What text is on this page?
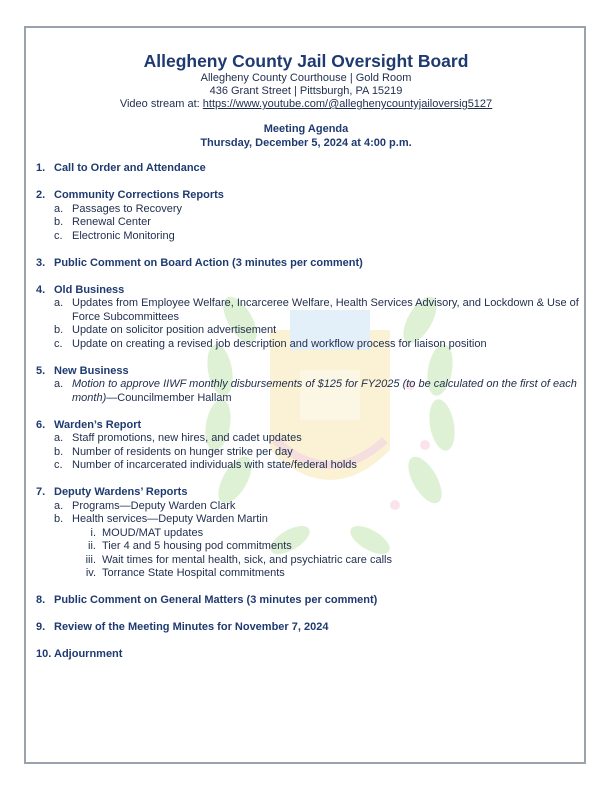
Allegheny County Jail Oversight Board
Allegheny County Courthouse | Gold Room
436 Grant Street | Pittsburgh, PA 15219
Video stream at: https://www.youtube.com/@alleghenycountyjailoversig5127
Meeting Agenda
Thursday, December 5, 2024 at 4:00 p.m.
1. Call to Order and Attendance
2. Community Corrections Reports
a. Passages to Recovery
b. Renewal Center
c. Electronic Monitoring
3. Public Comment on Board Action (3 minutes per comment)
4. Old Business
a. Updates from Employee Welfare, Incarceree Welfare, Health Services Advisory, and Lockdown & Use of Force Subcommittees
b. Update on solicitor position advertisement
c. Update on creating a revised job description and workflow process for liaison position
5. New Business
a. Motion to approve IIWF monthly disbursements of $125 for FY2025 (to be calculated on the first of each month)—Councilmember Hallam
6. Warden’s Report
a. Staff promotions, new hires, and cadet updates
b. Number of residents on hunger strike per day
c. Number of incarcerated individuals with state/federal holds
7. Deputy Wardens’ Reports
a. Programs—Deputy Warden Clark
b. Health services—Deputy Warden Martin
i. MOUD/MAT updates
ii. Tier 4 and 5 housing pod commitments
iii. Wait times for mental health, sick, and psychiatric care calls
iv. Torrance State Hospital commitments
8. Public Comment on General Matters (3 minutes per comment)
9. Review of the Meeting Minutes for November 7, 2024
10. Adjournment
